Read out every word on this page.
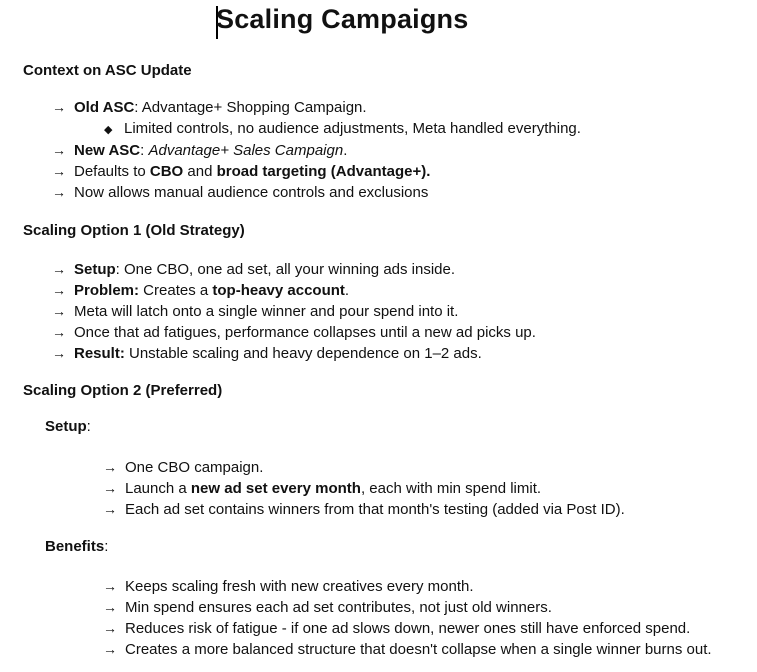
Scaling Campaigns
Context on ASC Update
→ Old ASC: Advantage+ Shopping Campaign.
◆ Limited controls, no audience adjustments, Meta handled everything.
→ New ASC: Advantage+ Sales Campaign.
→ Defaults to CBO and broad targeting (Advantage+).
→ Now allows manual audience controls and exclusions
Scaling Option 1 (Old Strategy)
→ Setup: One CBO, one ad set, all your winning ads inside.
→ Problem: Creates a top-heavy account.
→ Meta will latch onto a single winner and pour spend into it.
→ Once that ad fatigues, performance collapses until a new ad picks up.
→ Result: Unstable scaling and heavy dependence on 1–2 ads.
Scaling Option 2 (Preferred)
Setup:
→ One CBO campaign.
→ Launch a new ad set every month, each with min spend limit.
→ Each ad set contains winners from that month's testing (added via Post ID).
Benefits:
→ Keeps scaling fresh with new creatives every month.
→ Min spend ensures each ad set contributes, not just old winners.
→ Reduces risk of fatigue - if one ad slows down, newer ones still have enforced spend.
→ Creates a more balanced structure that doesn't collapse when a single winner burns out.
